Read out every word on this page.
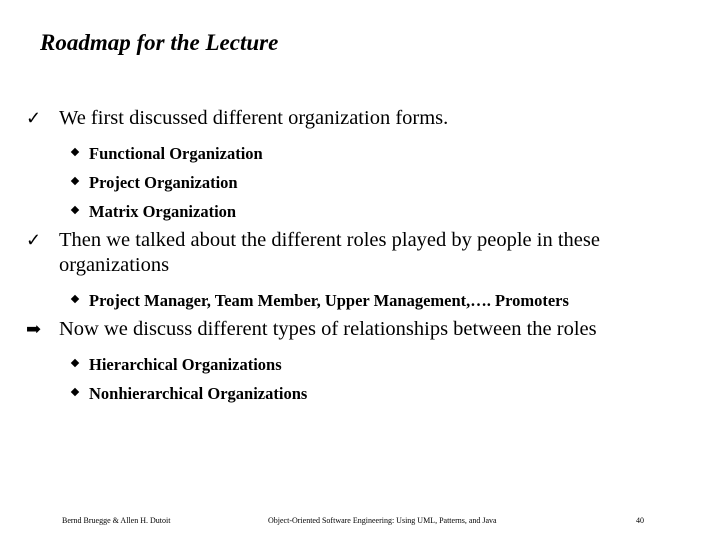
Roadmap for the Lecture
✓ We first discussed different organization forms.
Functional Organization
Project Organization
Matrix Organization
✓ Then we talked about the different roles played by people in these organizations
Project Manager, Team Member, Upper Management,…. Promoters
➡ Now we discuss different types of relationships between the roles
Hierarchical Organizations
Nonhierarchical Organizations
Bernd Bruegge & Allen H. Dutoit	Object-Oriented Software Engineering: Using UML, Patterns, and Java	40
